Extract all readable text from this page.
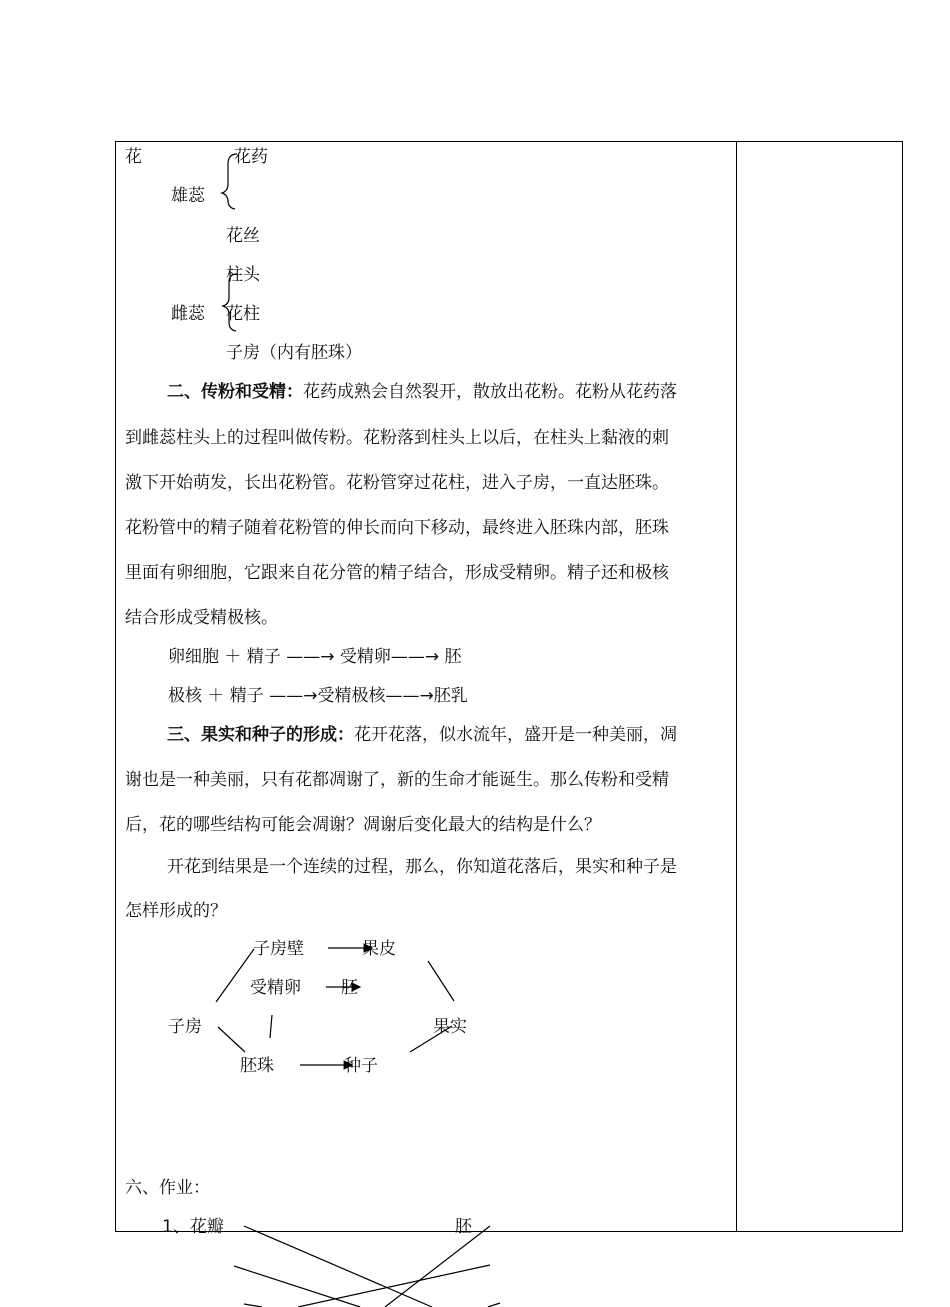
花	花药
雄蕊
花丝
柱头
雌蕊 花柱
子房（内有胚珠）
二、传粉和受精：花药成熟会自然裂开，散放出花粉。花粉从花药落
到雌蕊柱头上的过程叫做传粉。花粉落到柱头上以后，在柱头上黏液的刺
激下开始萌发，长出花粉管。花粉管穿过花柱，进入子房，一直达胚珠。
花粉管中的精子随着花粉管的伸长而向下移动，最终进入胚珠内部，胚珠
里面有卵细胞，它跟来自花分管的精子结合，形成受精卵。精子还和极核
结合形成受精极核。
卵细胞 ＋ 精子 ——→ 受精卵——→ 胚
极核 ＋ 精子 ——→受精极核——→胚乳
三、果实和种子的形成：花开花落，似水流年，盛开是一种美丽，凋
谢也是一种美丽，只有花都凋谢了，新的生命才能诞生。那么传粉和受精
后，花的哪些结构可能会凋谢？凋谢后变化最大的结构是什么？
开花到结果是一个连续的过程，那么，你知道花落后，果实和种子是
怎样形成的？
子房壁	果皮
受精卵 胚
子房	果实
胚珠	种子
六、作业：
1、花瓣	胚
